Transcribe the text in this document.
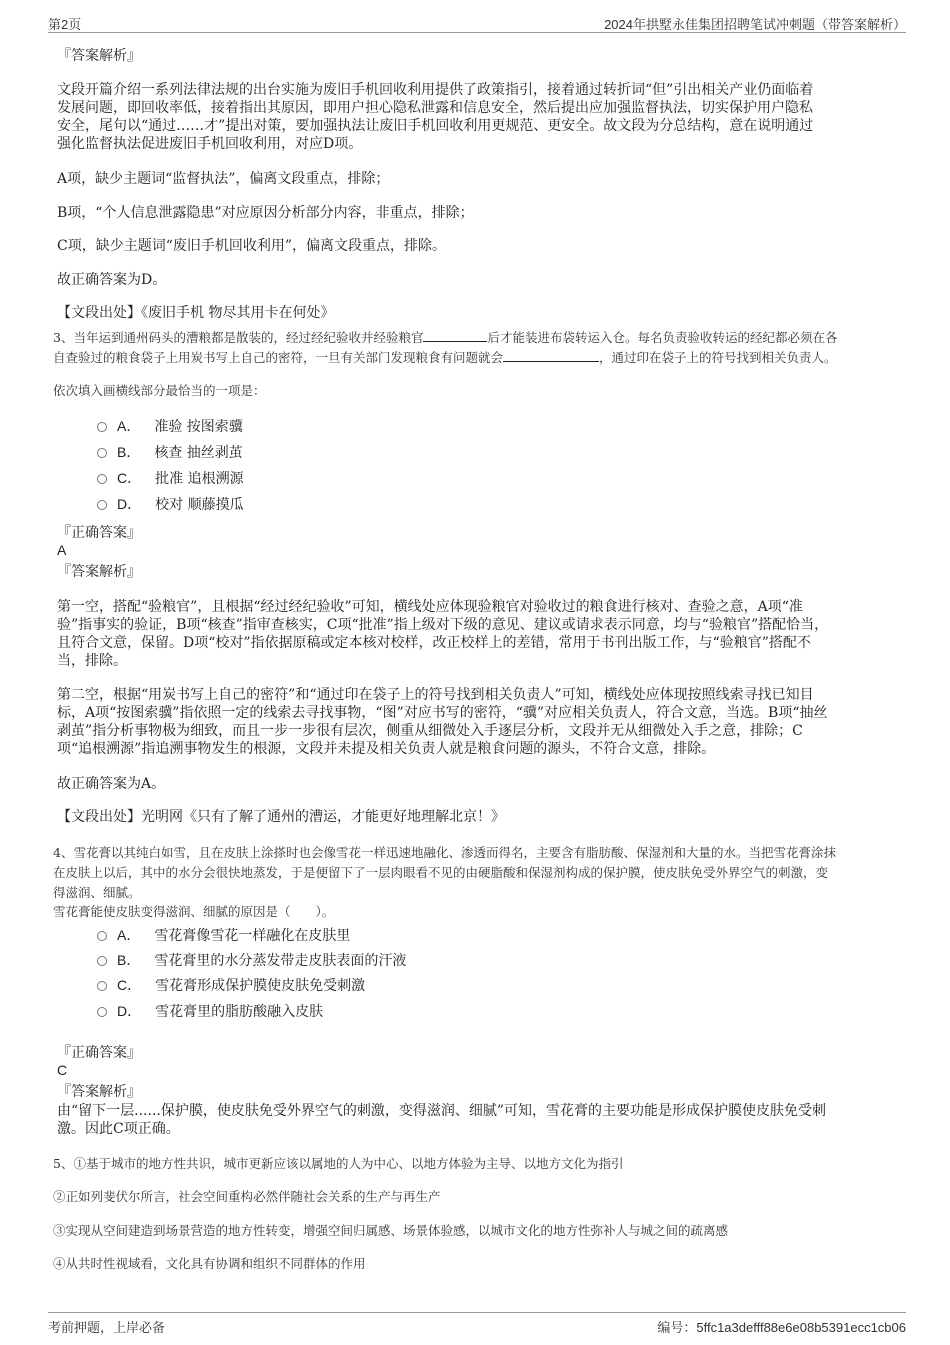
第2页	2024年拱墅永佳集团招聘笔试冲刺题（带答案解析）
『答案解析』
文段开篇介绍一系列法律法规的出台实施为废旧手机回收利用提供了政策指引，接着通过转折词“但”引出相关产业仍面临着
发展问题，即回收率低，接着指出其原因，即用户担心隐私泄露和信息安全，然后提出应加强监督执法，切实保护用户隐私
安全，尾句以“通过……才”提出对策，要加强执法让废旧手机回收利用更规范、更安全。故文段为分总结构，意在说明通过
强化监督执法促进废旧手机回收利用，对应D项。
A项，缺少主题词“监督执法”，偏离文段重点，排除；
B项，“个人信息泄露隐患”对应原因分析部分内容，非重点，排除；
C项，缺少主题词“废旧手机回收利用”，偏离文段重点，排除。
故正确答案为D。
【文段出处】《废旧手机 物尽其用卡在何处》
3、当年运到通州码头的漕粮都是散装的，经过经纪验收并经验粮官	后才能装进布袋转运入仓。每名负责验收转运的经纪都必须在各
自查验过的粮食袋子上用炭书写上自己的密符，一旦有关部门发现粮食有问题就会	，通过印在袋子上的符号找到相关负责人。
依次填入画横线部分最恰当的一项是：
A． 准验 按图索骥
B． 核查 抽丝剥茧
C． 批准 追根溯源
D． 校对 顺藤摸瓜
『正确答案』
A
『答案解析』
第一空，搭配“验粮官”，且根据“经过经纪验收”可知，横线处应体现验粮官对验收过的粮食进行核对、查验之意，A项“准
验”指事实的验证，B项“核查”指审查核实，C项“批准”指上级对下级的意见、建议或请求表示同意，均与“验粮官”搭配恰当，
且符合文意，保留。D项“校对”指依据原稿或定本核对校样，改正校样上的差错，常用于书刊出版工作，与“验粮官”搭配不
当，排除。
第二空，根据“用炭书写上自己的密符”和“通过印在袋子上的符号找到相关负责人”可知，横线处应体现按照线索寻找已知目
标，A项“按图索骥”指依照一定的线索去寻找事物，“图”对应书写的密符，“骥”对应相关负责人，符合文意，当选。B项“抽丝
剥茧”指分析事物极为细致，而且一步一步很有层次，侧重从细微处入手逐层分析，文段并无从细微处入手之意，排除；C
项“追根溯源”指追溯事物发生的根源，文段并未提及相关负责人就是粮食问题的源头，不符合文意，排除。
故正确答案为A。
【文段出处】光明网《只有了解了通州的漕运，才能更好地理解北京！》
4、雪花膏以其纯白如雪，且在皮肤上涂搽时也会像雪花一样迅速地融化、渗透而得名，主要含有脂肪酸、保湿剂和大量的水。当把雪花膏涂抹
在皮肤上以后，其中的水分会很快地蒸发，于是便留下了一层肉眼看不见的由硬脂酸和保湿剂构成的保护膜，使皮肤免受外界空气的刺激，变
得滋润、细腻。
雪花膏能使皮肤变得滋润、细腻的原因是（　　）。
A． 雪花膏像雪花一样融化在皮肤里
B． 雪花膏里的水分蒸发带走皮肤表面的汗液
C． 雪花膏形成保护膜使皮肤免受刺激
D． 雪花膏里的脂肪酸融入皮肤
『正确答案』
C
『答案解析』
由“留下一层......保护膜，使皮肤免受外界空气的刺激，变得滋润、细腻”可知，雪花膏的主要功能是形成保护膜使皮肤免受刺
激。因此C项正确。
5、①基于城市的地方性共识，城市更新应该以属地的人为中心、以地方体验为主导、以地方文化为指引
②正如列斐伏尔所言，社会空间重构必然伴随社会关系的生产与再生产
③实现从空间建造到场景营造的地方性转变，增强空间归属感、场景体验感，以城市文化的地方性弥补人与城之间的疏离感
④从共时性视域看，文化具有协调和组织不同群体的作用
考前押题，上岸必备	编号：5ffc1a3defff88e6e08b5391ecc1cb06
